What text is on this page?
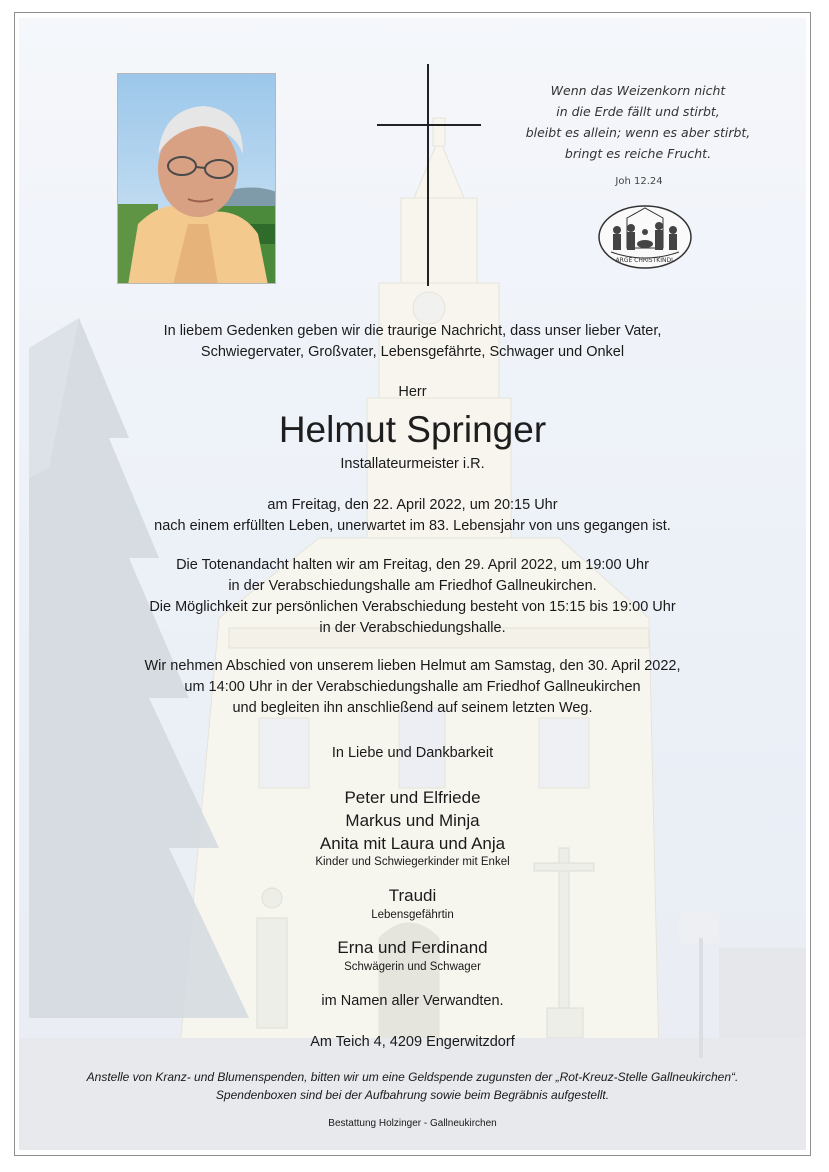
Wenn das Weizenkorn nicht
in die Erde fällt und stirbt,
bleibt es allein; wenn es aber stirbt,
bringt es reiche Frucht.
Joh 12.24
ARGE CHRISTKINDL
In liebem Gedenken geben wir die traurige Nachricht, dass unser lieber Vater,
Schwiegervater, Großvater, Lebensgefährte, Schwager und Onkel
Herr
Helmut Springer
Installateurmeister i.R.
am Freitag, den 22. April 2022, um 20:15 Uhr
nach einem erfüllten Leben, unerwartet im 83. Lebensjahr von uns gegangen ist.
Die Totenandacht halten wir am Freitag, den 29. April 2022, um 19:00 Uhr
in der Verabschiedungshalle am Friedhof Gallneukirchen.
Die Möglichkeit zur persönlichen Verabschiedung besteht von 15:15 bis 19:00 Uhr
in der Verabschiedungshalle.
Wir nehmen Abschied von unserem lieben Helmut am Samstag, den 30. April 2022,
um 14:00 Uhr in der Verabschiedungshalle am Friedhof Gallneukirchen
und begleiten ihn anschließend auf seinem letzten Weg.
In Liebe und Dankbarkeit
Peter und Elfriede
Markus und Minja
Anita mit Laura und Anja
Kinder und Schwiegerkinder mit Enkel
Traudi
Lebensgefährtin
Erna und Ferdinand
Schwägerin und Schwager
im Namen aller Verwandten.
Am Teich 4, 4209 Engerwitzdorf
Anstelle von Kranz- und Blumenspenden, bitten wir um eine Geldspende zugunsten der „Rot-Kreuz-Stelle Gallneukirchen“.
Spendenboxen sind bei der Aufbahrung sowie beim Begräbnis aufgestellt.
Bestattung Holzinger - Gallneukirchen
